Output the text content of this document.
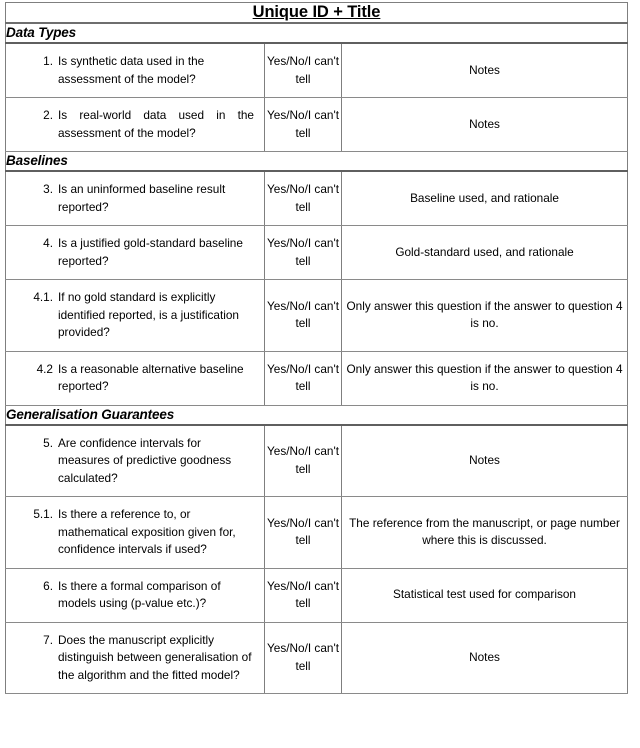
Unique ID + Title		
Data Types		

1. Is synthetic data used in the assessment of the model?	Yes/No/I can't tell	Notes

2. Is real-world data used in the assessment of the model?	Yes/No/I can't tell	Notes
Baselines		

3. Is an uninformed baseline result reported?	Yes/No/I can't tell	Baseline used, and rationale

4. Is a justified gold-standard baseline reported?	Yes/No/I can't tell	Gold-standard used, and rationale

4.1. If no gold standard is explicitly identified reported, is a justification provided?	Yes/No/I can't tell	Only answer this question if the answer to question 4 is no.

4.2 Is a reasonable alternative baseline reported?	Yes/No/I can't tell	Only answer this question if the answer to question 4 is no.
Generalisation Guarantees		

5. Are confidence intervals for measures of predictive goodness calculated?	Yes/No/I can't tell	Notes

5.1. Is there a reference to, or mathematical exposition given for, confidence intervals if used?	Yes/No/I can't tell	The reference from the manuscript, or page number where this is discussed.

6. Is there a formal comparison of models using (p-value etc.)?	Yes/No/I can't tell	Statistical test used for comparison

7. Does the manuscript explicitly distinguish between generalisation of the algorithm and the fitted model?	Yes/No/I can't tell	Notes
